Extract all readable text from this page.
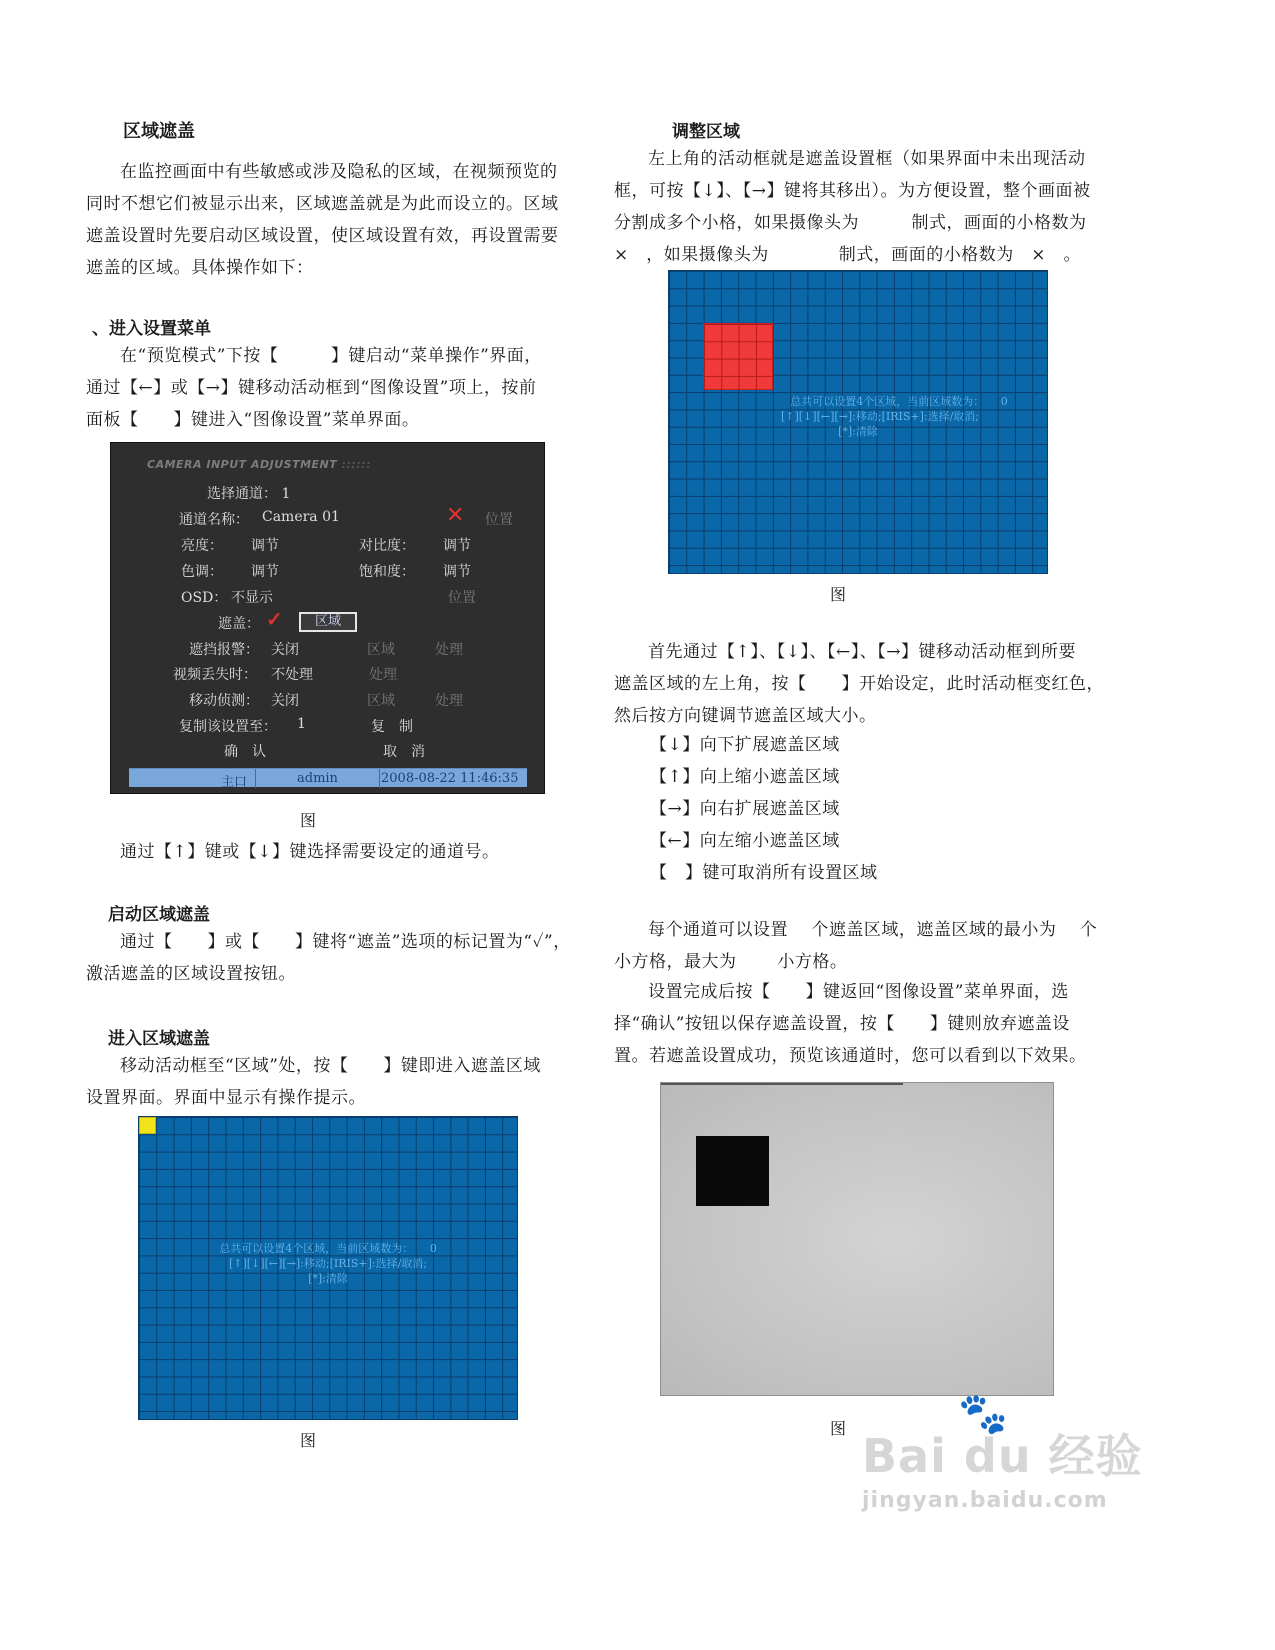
区域遮盖
在监控画面中有些敏感或涉及隐私的区域，在视频预览的
同时不想它们被显示出来，区域遮盖就是为此而设立的。区域
遮盖设置时先要启动区域设置，使区域设置有效，再设置需要
遮盖的区域。具体操作如下：
、进入设置菜单
在“预览模式”下按【　　　】键启动“菜单操作”界面，
通过【←】或【→】键移动活动框到“图像设置”项上，按前
面板【　　】键进入“图像设置”菜单界面。
CAMERA INPUT ADJUSTMENT ::::::
选择通道： 1
通道名称： Camera 01	✕ 位置
亮度： 调节	对比度： 调节
色调： 调节	饱和度： 调节
OSD： 不显示	位置
遮盖： ✓	区域
遮挡报警： 关闭	区域	处理
视频丢失时： 不处理	处理
移动侦测： 关闭	区域	处理
复制该设置至： 1	复　制
确　认	取　消
主口	admin	2008-08-22 11:46:35
图
通过【↑】键或【↓】键选择需要设定的通道号。
启动区域遮盖
通过【　　】或【　　】键将“遮盖”选项的标记置为“✓”，
激活遮盖的区域设置按钮。
进入区域遮盖
移动活动框至“区域”处，按【　　】键即进入遮盖区域
设置界面。界面中显示有操作提示。
总共可以设置4个区域，当前区域数为：　　0
[↑][↓][←][→]:移动;[IRIS+]:选择/取消;
[*]:清除
图
调整区域
左上角的活动框就是遮盖设置框（如果界面中未出现活动
框，可按【↓】、【→】键将其移出）。为方便设置，整个画面被
分割成多个小格，如果摄像头为　　　制式，画面的小格数为
×　，如果摄像头为　　　　制式，画面的小格数为　×　。
总共可以设置4个区域，当前区域数为：　　0
[↑][↓][←][→]:移动;[IRIS+]:选择/取消;
[*]:清除
图
首先通过【↑】、【↓】、【←】、【→】键移动活动框到所要
遮盖区域的左上角，按【　　】开始设定，此时活动框变红色，
然后按方向键调节遮盖区域大小。
【↓】向下扩展遮盖区域
【↑】向上缩小遮盖区域
【→】向右扩展遮盖区域
【←】向左缩小遮盖区域
【　】键可取消所有设置区域
每个通道可以设置　 个遮盖区域，遮盖区域的最小为　 个
小方格，最大为　　 小方格。
设置完成后按【　　】键返回“图像设置”菜单界面，选
择“确认”按钮以保存遮盖设置，按【　　】键则放弃遮盖设
置。若遮盖设置成功，预览该通道时，您可以看到以下效果。
图
Bai du 经验
🐾
jingyan.baidu.com
